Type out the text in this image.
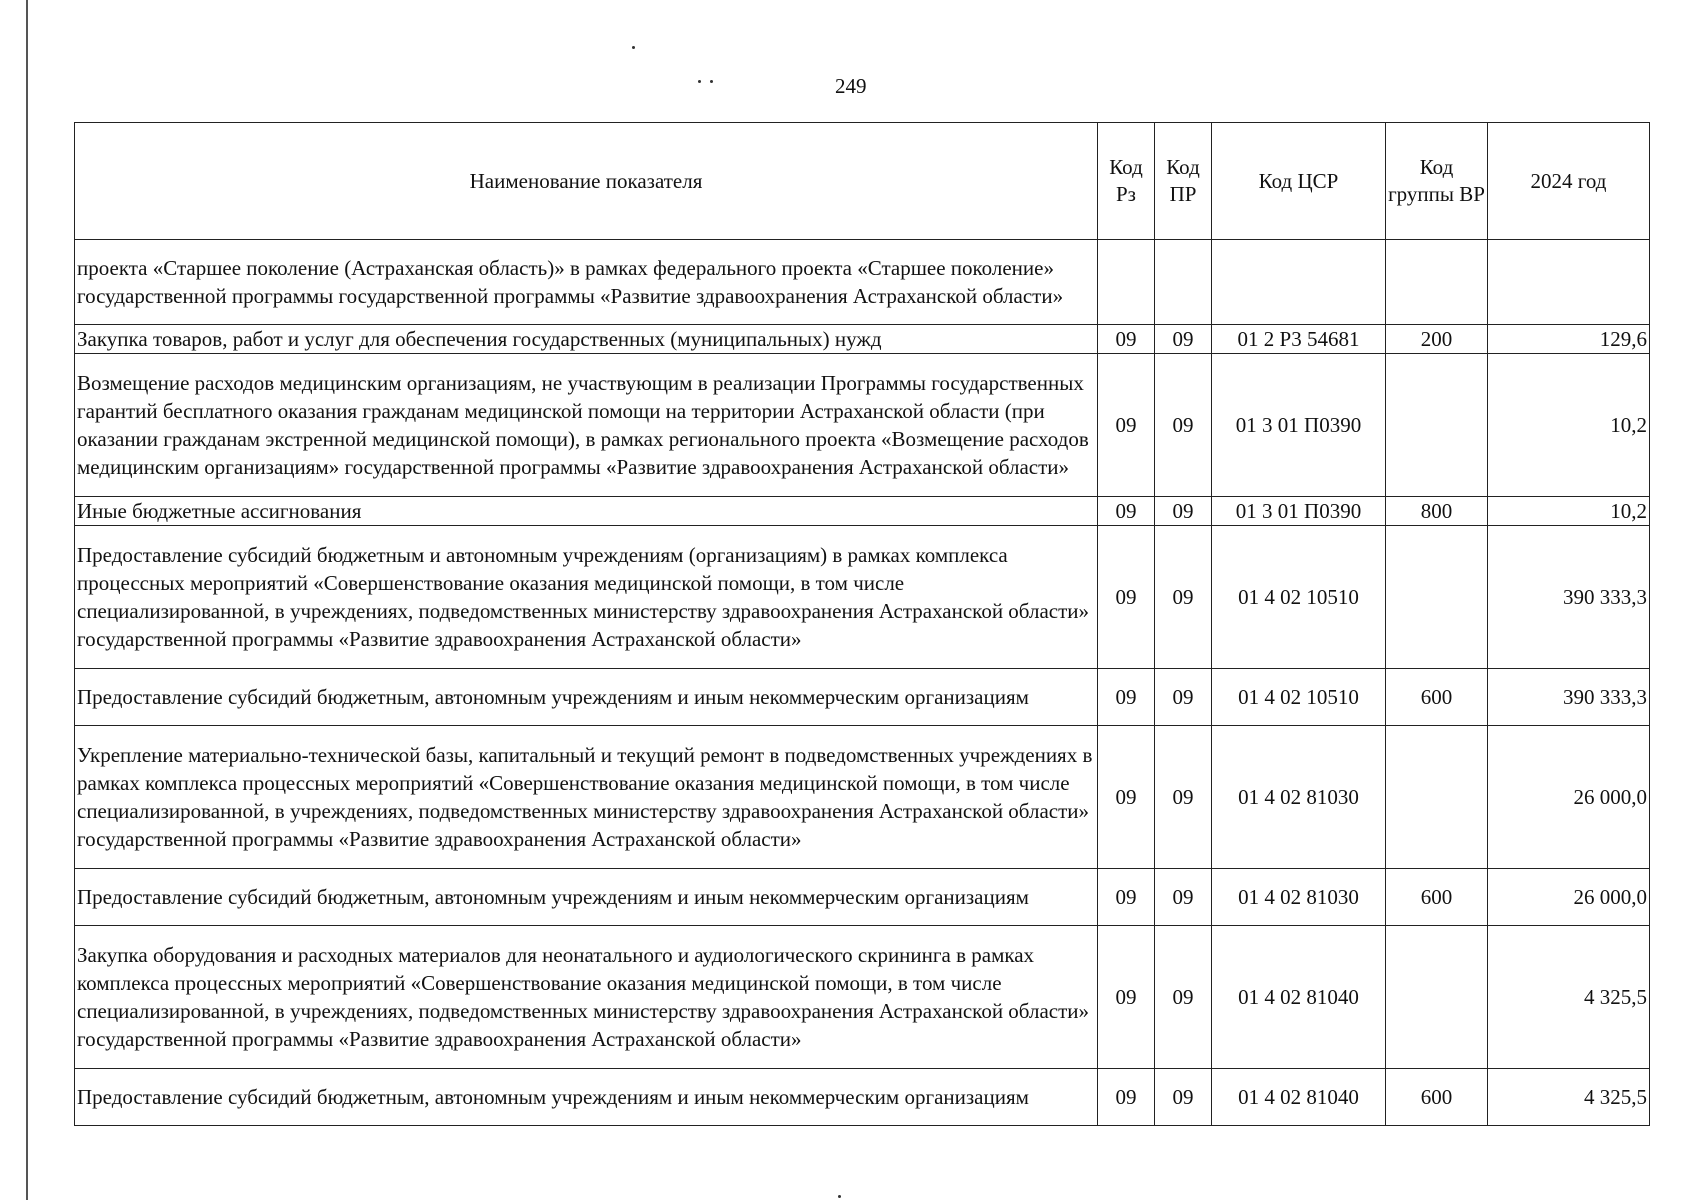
249
Наименование показателя	Код Рз	Код ПР	Код ЦСР	Код группы ВР	2024 год
проекта «Старшее поколение (Астраханская область)» в рамках федерального проекта «Старшее поколение» государственной программы государственной программы «Развитие здравоохранения Астраханской области»					
Закупка товаров, работ и услуг для обеспечения государственных (муниципальных) нужд	09	09	01 2 Р3 54681	200	129,6
Возмещение расходов медицинским организациям, не участвующим в реализации Программы государственных гарантий бесплатного оказания гражданам медицинской помощи на территории Астраханской области (при оказании гражданам экстренной медицинской помощи), в рамках регионального проекта «Возмещение расходов медицинским организациям» государственной программы «Развитие здравоохранения Астраханской области»	09	09	01 3 01 П0390		10,2
Иные бюджетные ассигнования	09	09	01 3 01 П0390	800	10,2
Предоставление субсидий бюджетным и автономным учреждениям (организациям) в рамках комплекса процессных мероприятий «Совершенствование оказания медицинской помощи, в том числе специализированной, в учреждениях, подведомственных министерству здравоохранения Астраханской области» государственной программы «Развитие здравоохранения Астраханской области»	09	09	01 4 02 10510		390 333,3
Предоставление субсидий бюджетным, автономным учреждениям и иным некоммерческим организациям	09	09	01 4 02 10510	600	390 333,3
Укрепление материально-технической базы, капитальный и текущий ремонт в подведомственных учреждениях в рамках комплекса процессных мероприятий «Совершенствование оказания медицинской помощи, в том числе специализированной, в учреждениях, подведомственных министерству здравоохранения Астраханской области» государственной программы «Развитие здравоохранения Астраханской области»	09	09	01 4 02 81030		26 000,0
Предоставление субсидий бюджетным, автономным учреждениям и иным некоммерческим организациям	09	09	01 4 02 81030	600	26 000,0
Закупка оборудования и расходных материалов для неонатального и аудиологического скрининга в рамках комплекса процессных мероприятий «Совершенствование оказания медицинской помощи, в том числе специализированной, в учреждениях, подведомственных министерству здравоохранения Астраханской области» государственной программы «Развитие здравоохранения Астраханской области»	09	09	01 4 02 81040		4 325,5
Предоставление субсидий бюджетным, автономным учреждениям и иным некоммерческим организациям	09	09	01 4 02 81040	600	4 325,5
